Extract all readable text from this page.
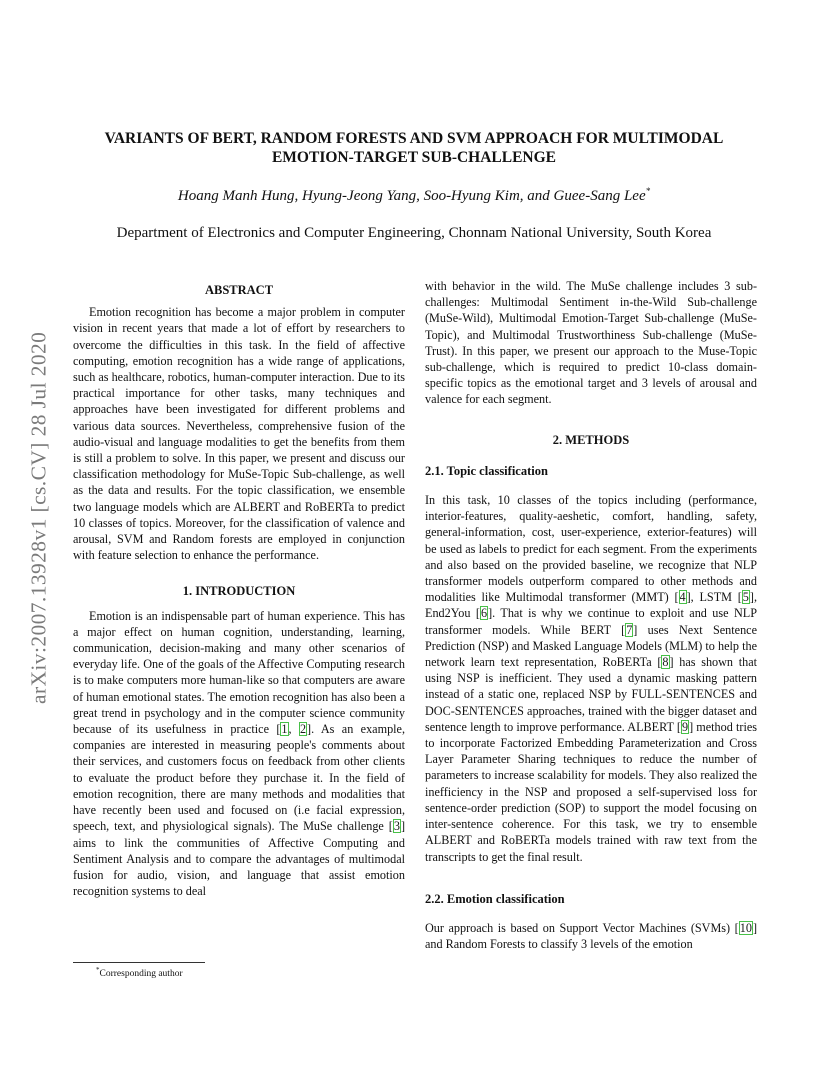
arXiv:2007.13928v1 [cs.CV] 28 Jul 2020
VARIANTS OF BERT, RANDOM FORESTS AND SVM APPROACH FOR MULTIMODAL
EMOTION-TARGET SUB-CHALLENGE
Hoang Manh Hung, Hyung-Jeong Yang, Soo-Hyung Kim, and Guee-Sang Lee*
Department of Electronics and Computer Engineering, Chonnam National University, South Korea
ABSTRACT

Emotion recognition has become a major problem in computer vision in recent years that made a lot of effort by researchers to overcome the difficulties in this task. In the field of affective computing, emotion recognition has a wide range of applications, such as healthcare, robotics, human-computer interaction. Due to its practical importance for other tasks, many techniques and approaches have been investigated for different problems and various data sources. Nevertheless, comprehensive fusion of the audio-visual and language modalities to get the benefits from them is still a problem to solve. In this paper, we present and discuss our classification methodology for MuSe-Topic Sub-challenge, as well as the data and results. For the topic classification, we ensemble two language models which are ALBERT and RoBERTa to predict 10 classes of topics. Moreover, for the classification of valence and arousal, SVM and Random forests are employed in conjunction with feature selection to enhance the performance.

1. INTRODUCTION

Emotion is an indispensable part of human experience. This has a major effect on human cognition, understanding, learning, communication, decision-making and many other scenarios of everyday life. One of the goals of the Affective Computing research is to make computers more human-like so that computers are aware of human emotional states. The emotion recognition has also been a great trend in psychology and in the computer science community because of its usefulness in practice [1, 2]. As an example, companies are interested in measuring people's comments about their services, and customers focus on feedback from other clients to evaluate the product before they purchase it. In the field of emotion recognition, there are many methods and modalities that have recently been used and focused on (i.e facial expression, speech, text, and physiological signals). The MuSe challenge [3] aims to link the communities of Affective Computing and Sentiment Analysis and to compare the advantages of multimodal fusion for audio, vision, and language that assist emotion recognition systems to deal

with behavior in the wild. The MuSe challenge includes 3 sub-challenges: Multimodal Sentiment in-the-Wild Sub-challenge (MuSe-Wild), Multimodal Emotion-Target Sub-challenge (MuSe-Topic), and Multimodal Trustworthiness Sub-challenge (MuSe-Trust). In this paper, we present our approach to the Muse-Topic sub-challenge, which is required to predict 10-class domain-specific topics as the emotional target and 3 levels of arousal and valence for each segment.

2. METHODS
2.1. Topic classification

In this task, 10 classes of the topics including (performance, interior-features, quality-aeshetic, comfort, handling, safety, general-information, cost, user-experience, exterior-features) will be used as labels to predict for each segment. From the experiments and also based on the provided baseline, we recognize that NLP transformer models outperform compared to other methods and modalities like Multimodal transformer (MMT) [4], LSTM [5], End2You [6]. That is why we continue to exploit and use NLP transformer models. While BERT [7] uses Next Sentence Prediction (NSP) and Masked Language Models (MLM) to help the network learn text representation, RoBERTa [8] has shown that using NSP is inefficient. They used a dynamic masking pattern instead of a static one, replaced NSP by FULL-SENTENCES and DOC-SENTENCES approaches, trained with the bigger dataset and sentence length to improve performance. ALBERT [9] method tries to incorporate Factorized Embedding Parameterization and Cross Layer Parameter Sharing techniques to reduce the number of parameters to increase scalability for models. They also realized the inefficiency in the NSP and proposed a self-supervised loss for sentence-order prediction (SOP) to support the model focusing on inter-sentence coherence. For this task, we try to ensemble ALBERT and RoBERTa models trained with raw text from the transcripts to get the final result.

2.2. Emotion classification

Our approach is based on Support Vector Machines (SVMs) [10] and Random Forests to classify 3 levels of the emotion

*Corresponding author
